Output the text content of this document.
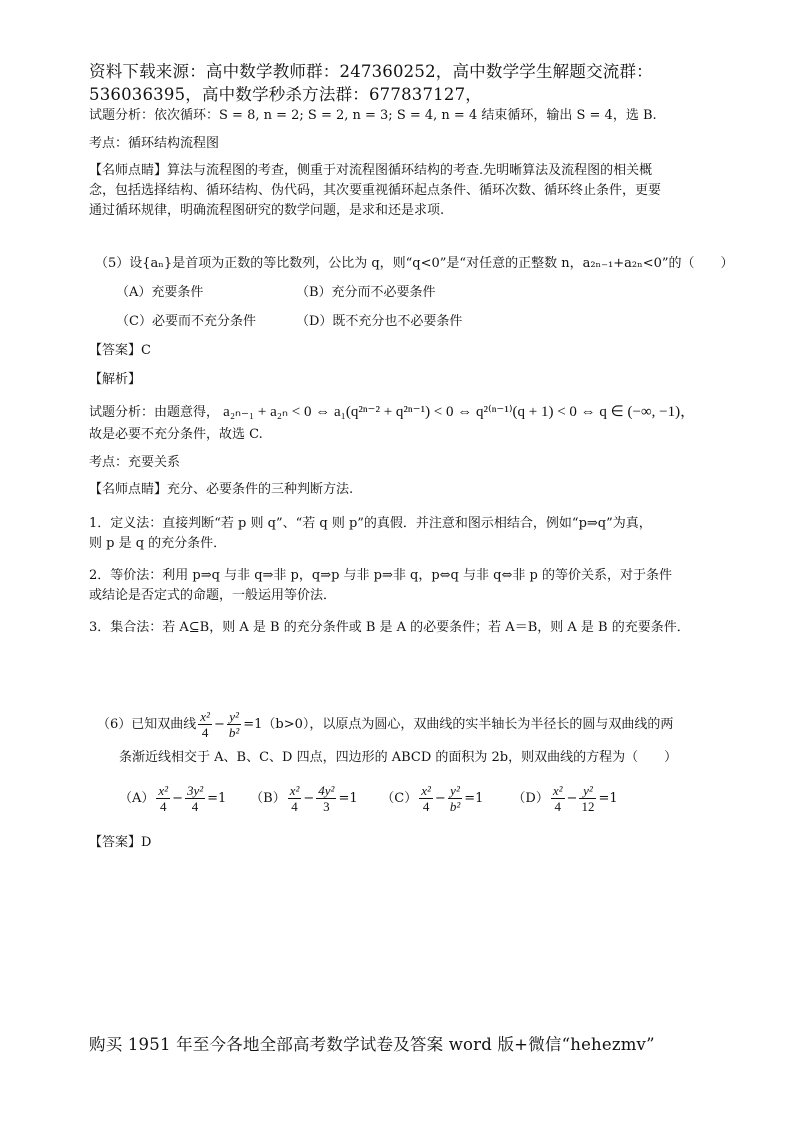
资料下载来源：高中数学教师群：247360252，高中数学学生解题交流群：
536036395，高中数学秒杀方法群：677837127，
试题分析：依次循环：S = 8, n = 2; S = 2, n = 3; S = 4, n = 4 结束循环，输出 S = 4，选 B.
考点：循环结构流程图
【名师点睛】算法与流程图的考查，侧重于对流程图循环结构的考查.先明晰算法及流程图的相关概
念，包括选择结构、循环结构、伪代码，其次要重视循环起点条件、循环次数、循环终止条件，更要
通过循环规律，明确流程图研究的数学问题，是求和还是求项.
（5）设{aₙ}是首项为正数的等比数列，公比为 q，则“q<0”是“对任意的正整数 n，a₂ₙ₋₁+a₂ₙ<0”的（　　）
（A）充要条件	（B）充分而不必要条件
（C）必要而不充分条件	（D）既不充分也不必要条件
【答案】C
【解析】
试题分析：由题意得， a₂ₙ₋₁ + a₂ₙ < 0 ⇔ a₁(q²ⁿ⁻² + q²ⁿ⁻¹) < 0 ⇔ q²⁽ⁿ⁻¹⁾(q + 1) < 0 ⇔ q ∈ (−∞, −1)，
故是必要不充分条件，故选 C.
考点：充要关系
【名师点睛】充分、必要条件的三种判断方法.
1．定义法：直接判断“若 p 则 q”、“若 q 则 p”的真假．并注意和图示相结合，例如“p⇒q”为真，
则 p 是 q 的充分条件．
2．等价法：利用 p⇒q 与非 q⇒非 p，q⇒p 与非 p⇒非 q，p⇔q 与非 q⇔非 p 的等价关系，对于条件
或结论是否定式的命题，一般运用等价法．
3．集合法：若 A⊆B，则 A 是 B 的充分条件或 B 是 A 的必要条件；若 A＝B，则 A 是 B 的充要条件．
（6）已知双曲线 $\frac{\text{x²}}{4} - \frac{\text{y²}}{\text{b²}} =1(b>0)$，以原点为圆心，双曲线的实半轴长为半径长的圆与双曲线的两
条渐近线相交于 A、B、C、D 四点，四边形的 ABCD 的面积为 2b，则双曲线的方程为（　　）
$(A) \frac{\text{x²}}{4} - \frac{\text{3y²}}{4} =1$ $(B) \frac{\text{x²}}{4} - \frac{\text{4y²}}{3} =1$ $(C) \frac{\text{x²}}{4} - \frac{\text{y²}}{\text{b²}} =1$ $(D) \frac{\text{x²}}{4} - \frac{\text{y²}}{12} =1$
【答案】D
购买 1951 年至今各地全部高考数学试卷及答案 word 版+微信“hehezmv”
